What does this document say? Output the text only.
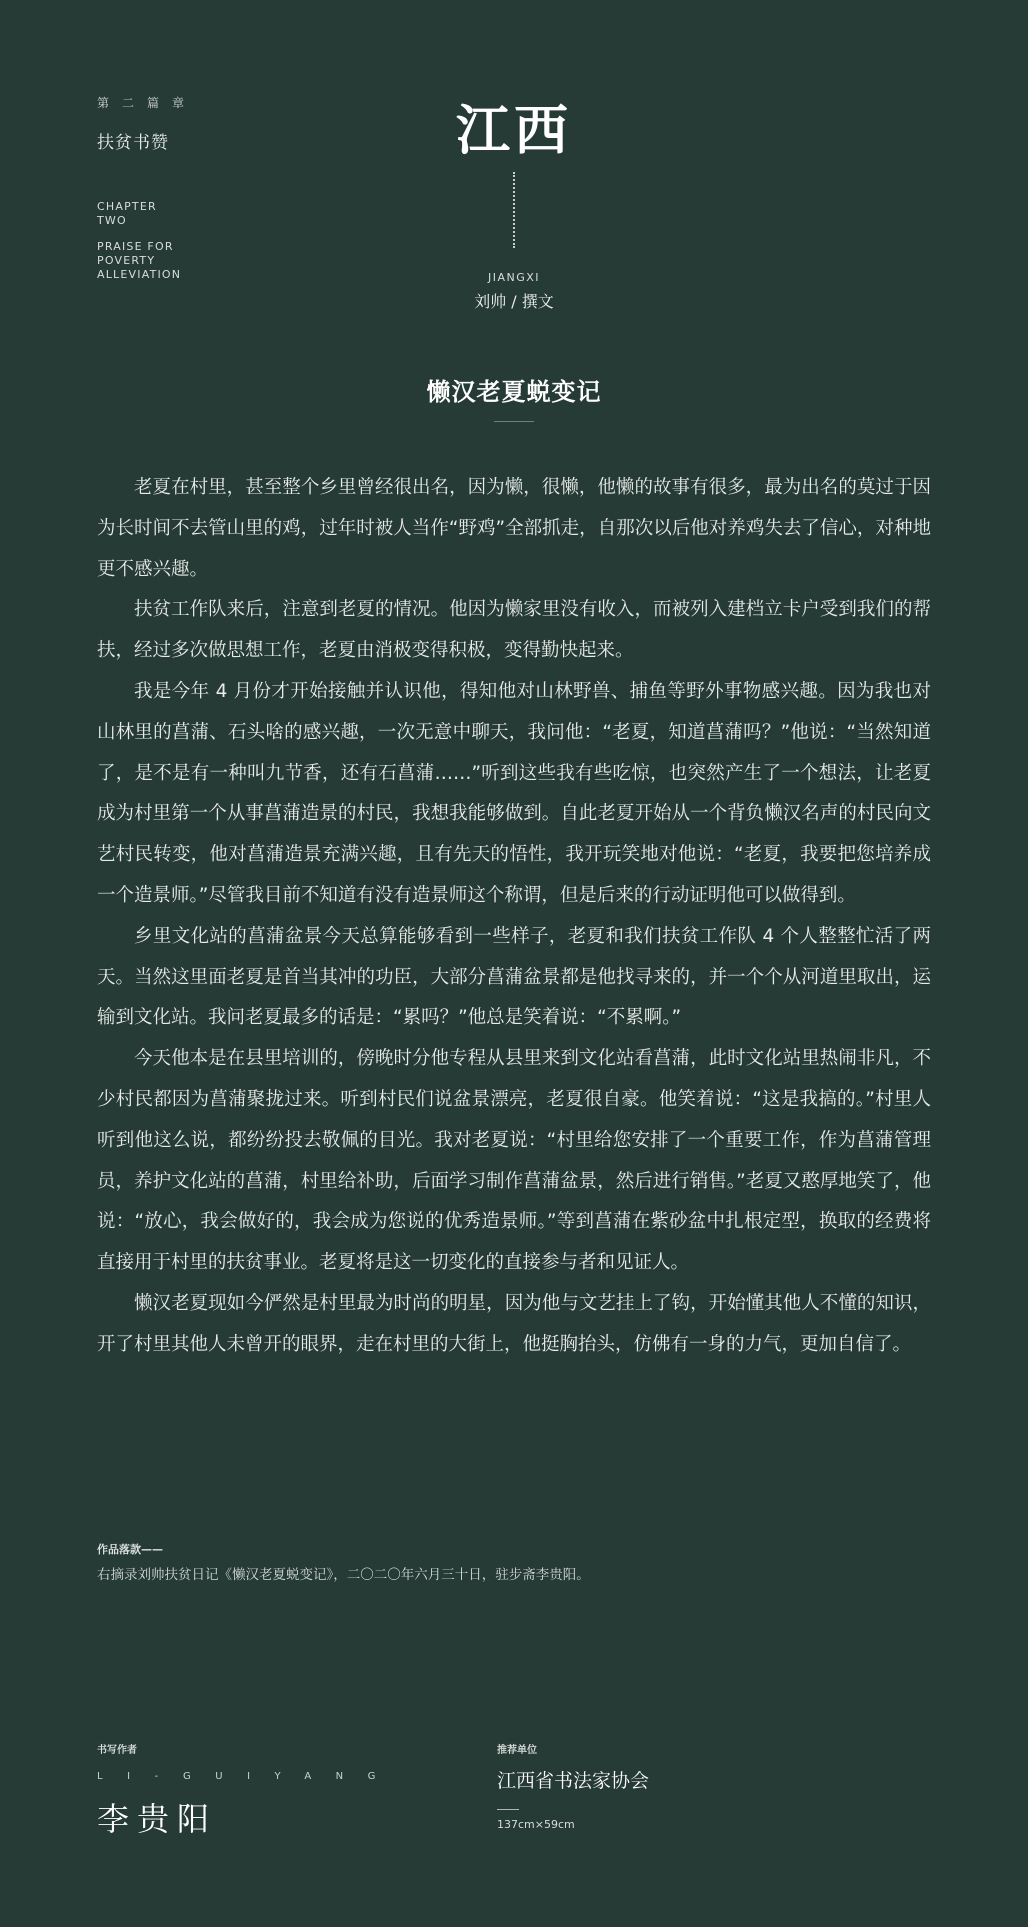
第二篇章
扶贫书赞
CHAPTER
TWO
PRAISE FOR
POVERTY
ALLEVIATION
江西
JIANGXI
刘帅 / 撰文
懒汉老夏蜕变记

老夏在村里，甚至整个乡里曾经很出名，因为懒，很懒，他懒的故事有很多，最为出名的莫过于因为长时间不去管山里的鸡，过年时被人当作“野鸡”全部抓走，自那次以后他对养鸡失去了信心，对种地更不感兴趣。

扶贫工作队来后，注意到老夏的情况。他因为懒家里没有收入，而被列入建档立卡户受到我们的帮扶，经过多次做思想工作，老夏由消极变得积极，变得勤快起来。

我是今年 4 月份才开始接触并认识他，得知他对山林野兽、捕鱼等野外事物感兴趣。因为我也对山林里的菖蒲、石头啥的感兴趣，一次无意中聊天，我问他：“老夏，知道菖蒲吗？”他说：“当然知道了，是不是有一种叫九节香，还有石菖蒲……”听到这些我有些吃惊，也突然产生了一个想法，让老夏成为村里第一个从事菖蒲造景的村民，我想我能够做到。自此老夏开始从一个背负懒汉名声的村民向文艺村民转变，他对菖蒲造景充满兴趣，且有先天的悟性，我开玩笑地对他说：“老夏，我要把您培养成一个造景师。”尽管我目前不知道有没有造景师这个称谓，但是后来的行动证明他可以做得到。

乡里文化站的菖蒲盆景今天总算能够看到一些样子，老夏和我们扶贫工作队 4 个人整整忙活了两天。当然这里面老夏是首当其冲的功臣，大部分菖蒲盆景都是他找寻来的，并一个个从河道里取出，运输到文化站。我问老夏最多的话是：“累吗？”他总是笑着说：“不累啊。”

今天他本是在县里培训的，傍晚时分他专程从县里来到文化站看菖蒲，此时文化站里热闹非凡，不少村民都因为菖蒲聚拢过来。听到村民们说盆景漂亮，老夏很自豪。他笑着说：“这是我搞的。”村里人听到他这么说，都纷纷投去敬佩的目光。我对老夏说：“村里给您安排了一个重要工作，作为菖蒲管理员，养护文化站的菖蒲，村里给补助，后面学习制作菖蒲盆景，然后进行销售。”老夏又憨厚地笑了，他说：“放心，我会做好的，我会成为您说的优秀造景师。”等到菖蒲在紫砂盆中扎根定型，换取的经费将直接用于村里的扶贫事业。老夏将是这一切变化的直接参与者和见证人。

懒汉老夏现如今俨然是村里最为时尚的明星，因为他与文艺挂上了钩，开始懂其他人不懂的知识，开了村里其他人未曾开的眼界，走在村里的大街上，他挺胸抬头，仿佛有一身的力气，更加自信了。

作品落款——
右摘录刘帅扶贫日记《懒汉老夏蜕变记》，二〇二〇年六月三十日，驻步斋李贵阳。
书写作者
LI-GUIYANG
李贵阳
推荐单位
江西省书法家协会
137cm×59cm
